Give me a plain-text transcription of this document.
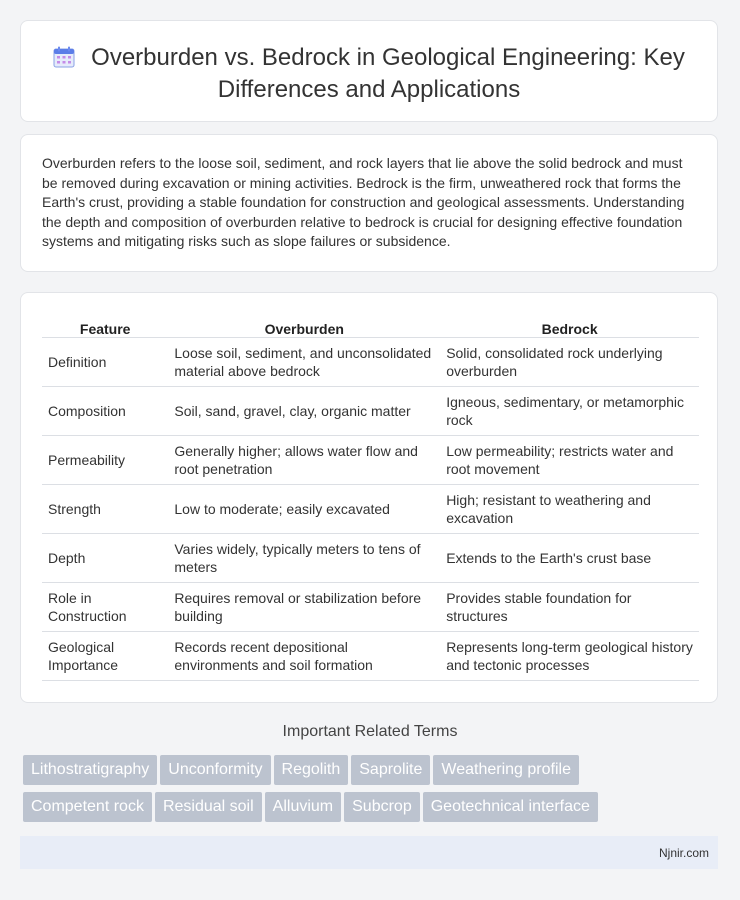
Overburden vs. Bedrock in Geological Engineering: Key
Differences and Applications
Overburden refers to the loose soil, sediment, and rock layers that lie above the solid bedrock and must be removed during excavation or mining activities. Bedrock is the firm, unweathered rock that forms the Earth's crust, providing a stable foundation for construction and geological assessments. Understanding the depth and composition of overburden relative to bedrock is crucial for designing effective foundation systems and mitigating risks such as slope failures or subsidence.
Feature	Overburden	Bedrock
Definition	Loose soil, sediment, and unconsolidated material above bedrock	Solid, consolidated rock underlying overburden
Composition	Soil, sand, gravel, clay, organic matter	Igneous, sedimentary, or metamorphic rock
Permeability	Generally higher; allows water flow and root penetration	Low permeability; restricts water and root movement
Strength	Low to moderate; easily excavated	High; resistant to weathering and excavation
Depth	Varies widely, typically meters to tens of meters	Extends to the Earth's crust base
Role in Construction	Requires removal or stabilization before building	Provides stable foundation for structures
Geological Importance	Records recent depositional environments and soil formation	Represents long-term geological history and tectonic processes
Important Related Terms
Lithostratigraphy	Unconformity	Regolith	Saprolite	Weathering profile
Competent rock	Residual soil	Alluvium	Subcrop	Geotechnical interface
Njnir.com
